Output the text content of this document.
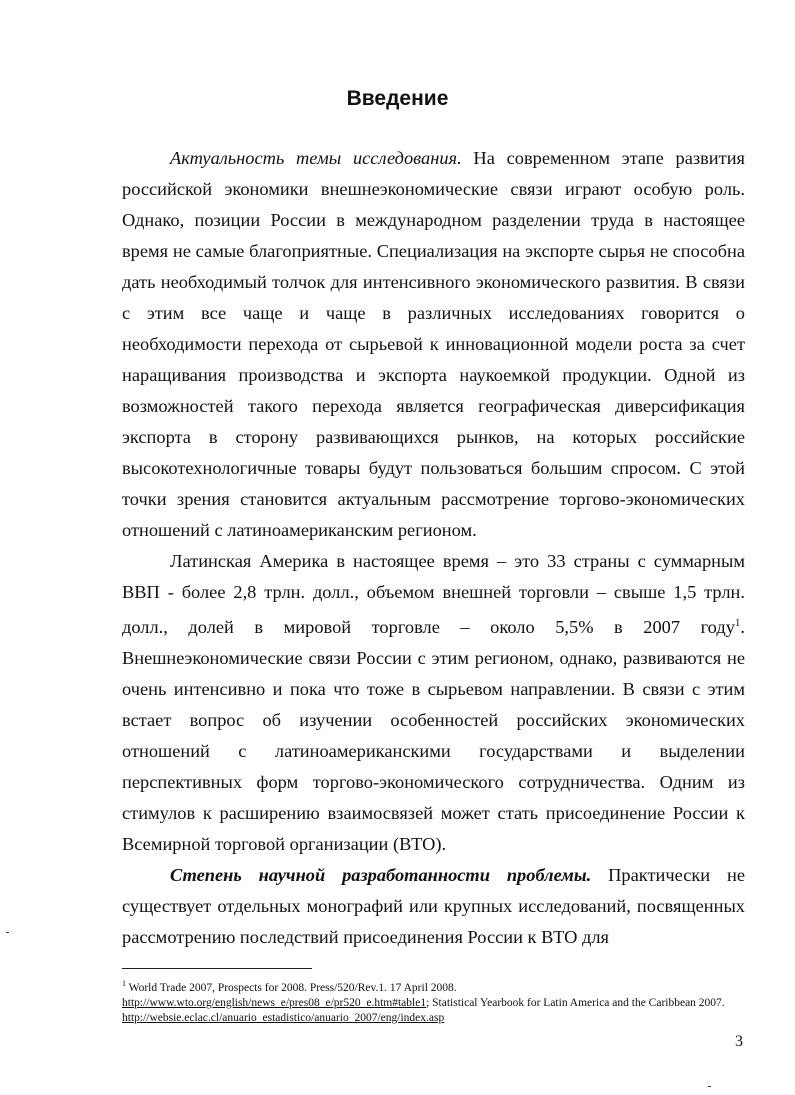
Введение

Актуальность темы исследования. На современном этапе развития российской экономики внешнеэкономические связи играют особую роль. Однако, позиции России в международном разделении труда в настоящее время не самые благоприятные. Специализация на экспорте сырья не способна дать необходимый толчок для интенсивного экономического развития. В связи с этим все чаще и чаще в различных исследованиях говорится о необходимости перехода от сырьевой к инновационной модели роста за счет наращивания производства и экспорта наукоемкой продукции. Одной из возможностей такого перехода является географическая диверсификация экспорта в сторону развивающихся рынков, на которых российские высокотехнологичные товары будут пользоваться большим спросом. С этой точки зрения становится актуальным рассмотрение торгово-экономических отношений с латиноамериканским регионом.

Латинская Америка в настоящее время – это 33 страны с суммарным ВВП - более 2,8 трлн. долл., объемом внешней торговли – свыше 1,5 трлн. долл., долей в мировой торговле – около 5,5% в 2007 году$^1$. Внешнеэкономические связи России с этим регионом, однако, развиваются не очень интенсивно и пока что тоже в сырьевом направлении. В связи с этим встает вопрос об изучении особенностей российских экономических отношений с латиноамериканскими государствами и выделении перспективных форм торгово-экономического сотрудничества. Одним из стимулов к расширению взаимосвязей может стать присоединение России к Всемирной торговой организации (ВТО).

Степень научной разработанности проблемы. Практически не существует отдельных монографий или крупных исследований, посвященных рассмотрению последствий присоединения России к ВТО для

$^1$ World Trade 2007, Prospects for 2008. Press/520/Rev.1. 17 April 2008.
http://www.wto.org/english/news_e/pres08_e/pr520_e.htm#table1; Statistical Yearbook for Latin America and the Caribbean 2007. http://websie.eclac.cl/anuario_estadistico/anuario_2007/eng/index.asp
3
